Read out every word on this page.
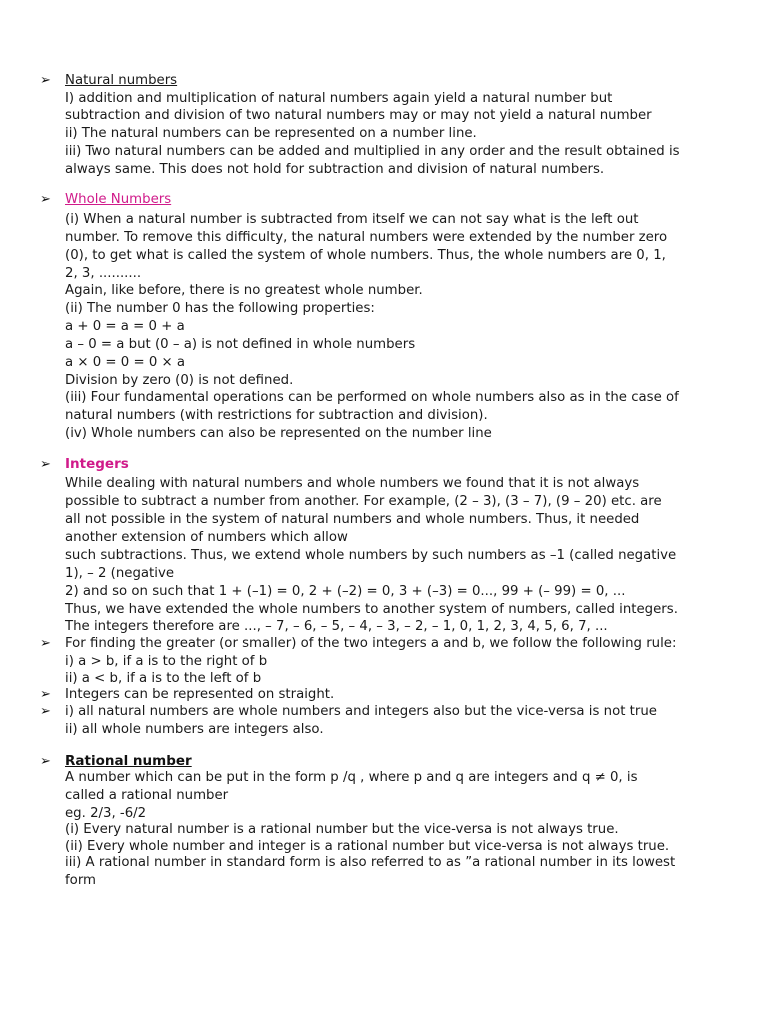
➢ Natural numbers
I) addition and multiplication of natural numbers again yield a natural number but
subtraction and division of two natural numbers may or may not yield a natural number
ii) The natural numbers can be represented on a number line.
iii) Two natural numbers can be added and multiplied in any order and the result obtained is
always same. This does not hold for subtraction and division of natural numbers.
➢ Whole Numbers
(i) When a natural number is subtracted from itself we can not say what is the left out
number. To remove this difficulty, the natural numbers were extended by the number zero
(0), to get what is called the system of whole numbers. Thus, the whole numbers are 0, 1,
2, 3, ..........
Again, like before, there is no greatest whole number.
(ii) The number 0 has the following properties:
a + 0 = a = 0 + a
a – 0 = a but (0 – a) is not defined in whole numbers
a × 0 = 0 = 0 × a
Division by zero (0) is not defined.
(iii) Four fundamental operations can be performed on whole numbers also as in the case of
natural numbers (with restrictions for subtraction and division).
(iv) Whole numbers can also be represented on the number line
➢ Integers
While dealing with natural numbers and whole numbers we found that it is not always
possible to subtract a number from another. For example, (2 – 3), (3 – 7), (9 – 20) etc. are
all not possible in the system of natural numbers and whole numbers. Thus, it needed
another extension of numbers which allow
such subtractions. Thus, we extend whole numbers by such numbers as –1 (called negative
1), – 2 (negative
2) and so on such that 1 + (–1) = 0, 2 + (–2) = 0, 3 + (–3) = 0..., 99 + (– 99) = 0, ...
Thus, we have extended the whole numbers to another system of numbers, called integers.
The integers therefore are ..., – 7, – 6, – 5, – 4, – 3, – 2, – 1, 0, 1, 2, 3, 4, 5, 6, 7, ...
➢ For finding the greater (or smaller) of the two integers a and b, we follow the following rule:
i) a > b, if a is to the right of b
ii) a < b, if a is to the left of b
➢ Integers can be represented on straight.
➢ i) all natural numbers are whole numbers and integers also but the vice-versa is not true
ii) all whole numbers are integers also.
➢ Rational number
A number which can be put in the form p /q , where p and q are integers and q ≠ 0, is
called a rational number
eg. 2/3, -6/2
(i) Every natural number is a rational number but the vice-versa is not always true.
(ii) Every whole number and integer is a rational number but vice-versa is not always true.
iii) A rational number in standard form is also referred to as ”a rational number in its lowest
form
